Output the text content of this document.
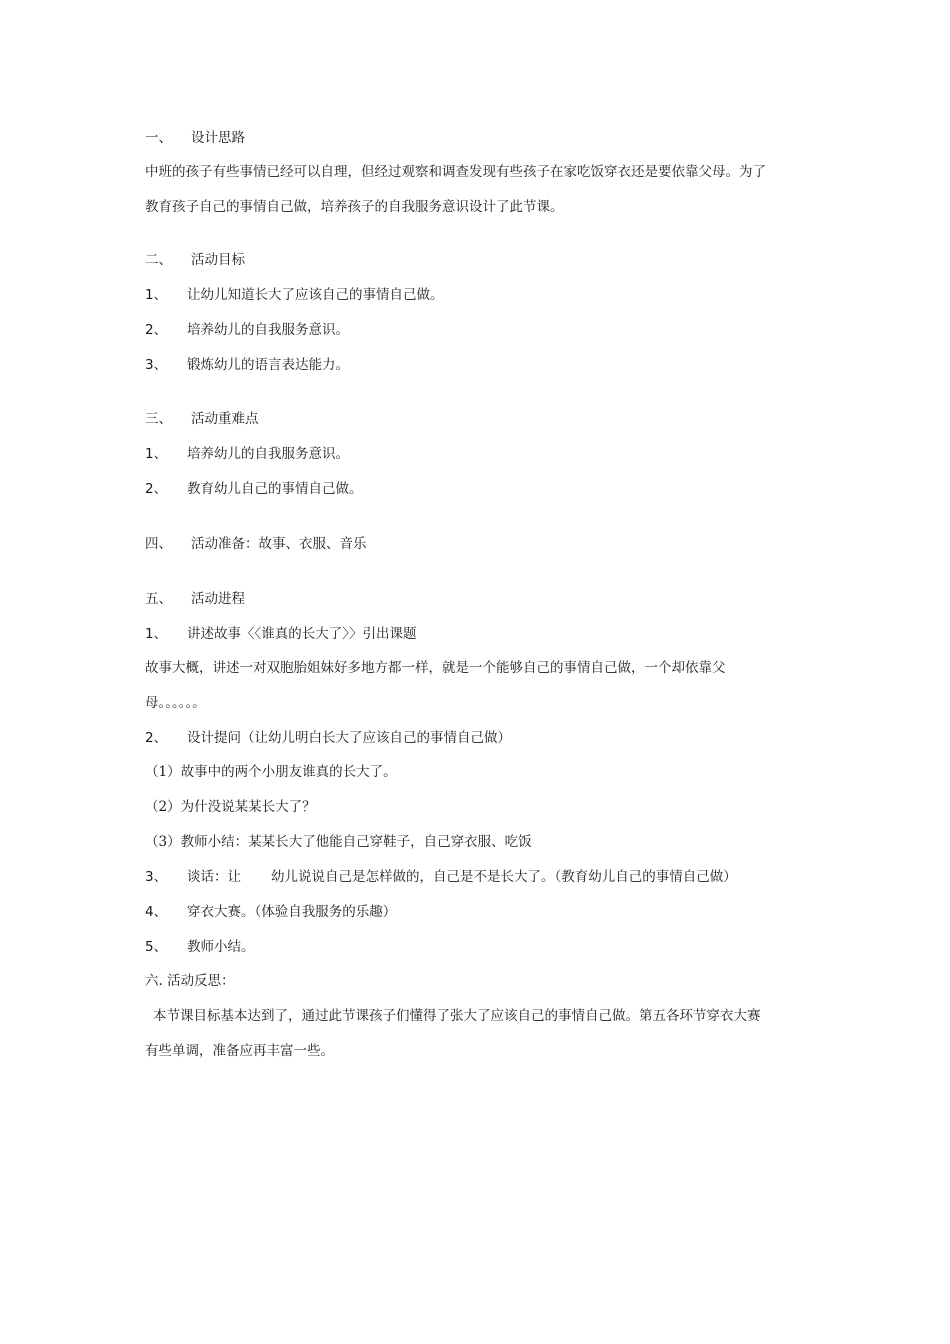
一、 设计思路
中班的孩子有些事情已经可以自理，但经过观察和调查发现有些孩子在家吃饭穿衣还是要依靠父母。为了
教育孩子自己的事情自己做，培养孩子的自我服务意识设计了此节课。
二、 活动目标
1、 让幼儿知道长大了应该自己的事情自己做。
2、 培养幼儿的自我服务意识。
3、 锻炼幼儿的语言表达能力。
三、 活动重难点
1、 培养幼儿的自我服务意识。
2、 教育幼儿自己的事情自己做。
四、 活动准备：故事、衣服、音乐
五、 活动进程
1、 讲述故事〈〈谁真的长大了〉〉引出课题
故事大概，讲述一对双胞胎姐妹好多地方都一样，就是一个能够自己的事情自己做，一个却依靠父
母。。。。。。
2、 设计提问（让幼儿明白长大了应该自己的事情自己做）
（1）故事中的两个小朋友谁真的长大了。
（2）为什没说某某长大了？
（3）教师小结：某某长大了他能自己穿鞋子，自己穿衣服、吃饭
3、 谈话：让 幼儿说说自己是怎样做的，自己是不是长大了。（教育幼儿自己的事情自己做）
4、 穿衣大赛。（体验自我服务的乐趣）
5、 教师小结。
六. 活动反思：
本节课目标基本达到了，通过此节课孩子们懂得了张大了应该自己的事情自己做。第五各环节穿衣大赛
有些单调，准备应再丰富一些。
